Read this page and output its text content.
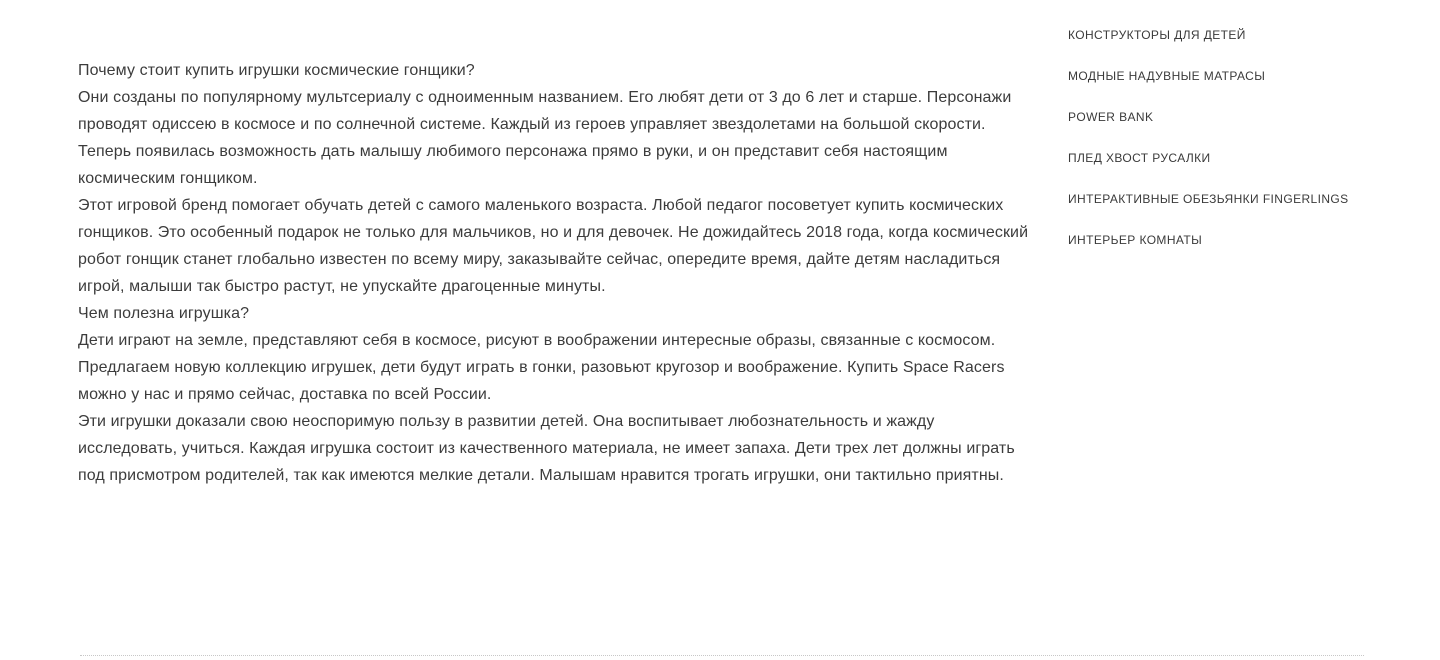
Почему стоит купить игрушки космические гонщики?

Они созданы по популярному мультсериалу с одноименным названием. Его любят дети от 3 до 6 лет и старше. Персонажи проводят одиссею в космосе и по солнечной системе. Каждый из героев управляет звездолетами на большой скорости. Теперь появилась возможность дать малышу любимого персонажа прямо в руки, и он представит себя настоящим космическим гонщиком.

Этот игровой бренд помогает обучать детей с самого маленького возраста. Любой педагог посоветует купить космических гонщиков. Это особенный подарок не только для мальчиков, но и для девочек. Не дожидайтесь 2018 года, когда космический робот гонщик станет глобально известен по всему миру, заказывайте сейчас, опередите время, дайте детям насладиться игрой, малыши так быстро растут, не упускайте драгоценные минуты.

Чем полезна игрушка?

Дети играют на земле, представляют себя в космосе, рисуют в воображении интересные образы, связанные с космосом. Предлагаем новую коллекцию игрушек, дети будут играть в гонки, разовьют кругозор и воображение. Купить Space Racers можно у нас и прямо сейчас, доставка по всей России.

Эти игрушки доказали свою неоспоримую пользу в развитии детей. Она воспитывает любознательность и жажду исследовать, учиться. Каждая игрушка состоит из качественного материала, не имеет запаха. Дети трех лет должны играть под присмотром родителей, так как имеются мелкие детали. Малышам нравится трогать игрушки, они тактильно приятны.

КОНСТРУКТОРЫ ДЛЯ ДЕТЕЙ
МОДНЫЕ НАДУВНЫЕ МАТРАСЫ
POWER BANK
ПЛЕД ХВОСТ РУСАЛКИ
ИНТЕРАКТИВНЫЕ ОБЕЗЬЯНКИ FINGERLINGS
ИНТЕРЬЕР КОМНАТЫ
